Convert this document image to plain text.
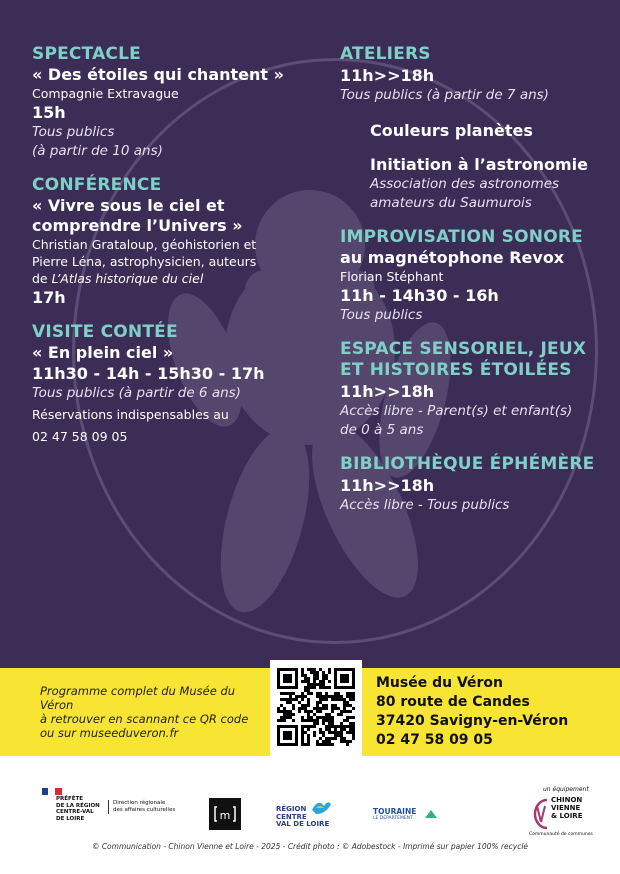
SPECTACLE
« Des étoiles qui chantent »
Compagnie Extravague
15h
Tous publics
(à partir de 10 ans)
CONFÉRENCE
« Vivre sous le ciel et
comprendre l’Univers »
Christian Grataloup, géohistorien et
Pierre Léna, astrophysicien, auteurs
de L’Atlas historique du ciel
17h
VISITE CONTÉE
« En plein ciel »
11h30 - 14h - 15h30 - 17h
Tous publics (à partir de 6 ans)
Réservations indispensables au
02 47 58 09 05
ATELIERS
11h>>18h
Tous publics (à partir de 7 ans)
Couleurs planètes
Initiation à l’astronomie
Association des astronomes
amateurs du Saumurois
IMPROVISATION SONORE
au magnétophone Revox
Florian Stéphant
11h - 14h30 - 16h
Tous publics
ESPACE SENSORIEL, JEUX
ET HISTOIRES ÉTOILÉES
11h>>18h
Accès libre - Parent(s) et enfant(s)
de 0 à 5 ans
BIBLIOTHÈQUE ÉPHÉMÈRE
11h>>18h
Accès libre - Tous publics
Programme complet du Musée du Véron
à retrouver en scannant ce QR code
ou sur museeduveron.fr
Musée du Véron
80 route de Candes
37420 Savigny-en-Véron
02 47 58 09 05
PRÉFÈTE
DE LA RÉGION
CENTRE-VAL
DE LOIRE
Direction régionale
des affaires culturelles	m	RÉGION
CENTRE
VAL DE LOIRE
TOURAINE
LE DÉPARTEMENT
un équipement
CHINON
VIENNE
& LOIRE
Communauté de communes
© Communication - Chinon Vienne et Loire - 2025 - Crédit photo : © Adobestock - Imprimé sur papier 100% recyclé
